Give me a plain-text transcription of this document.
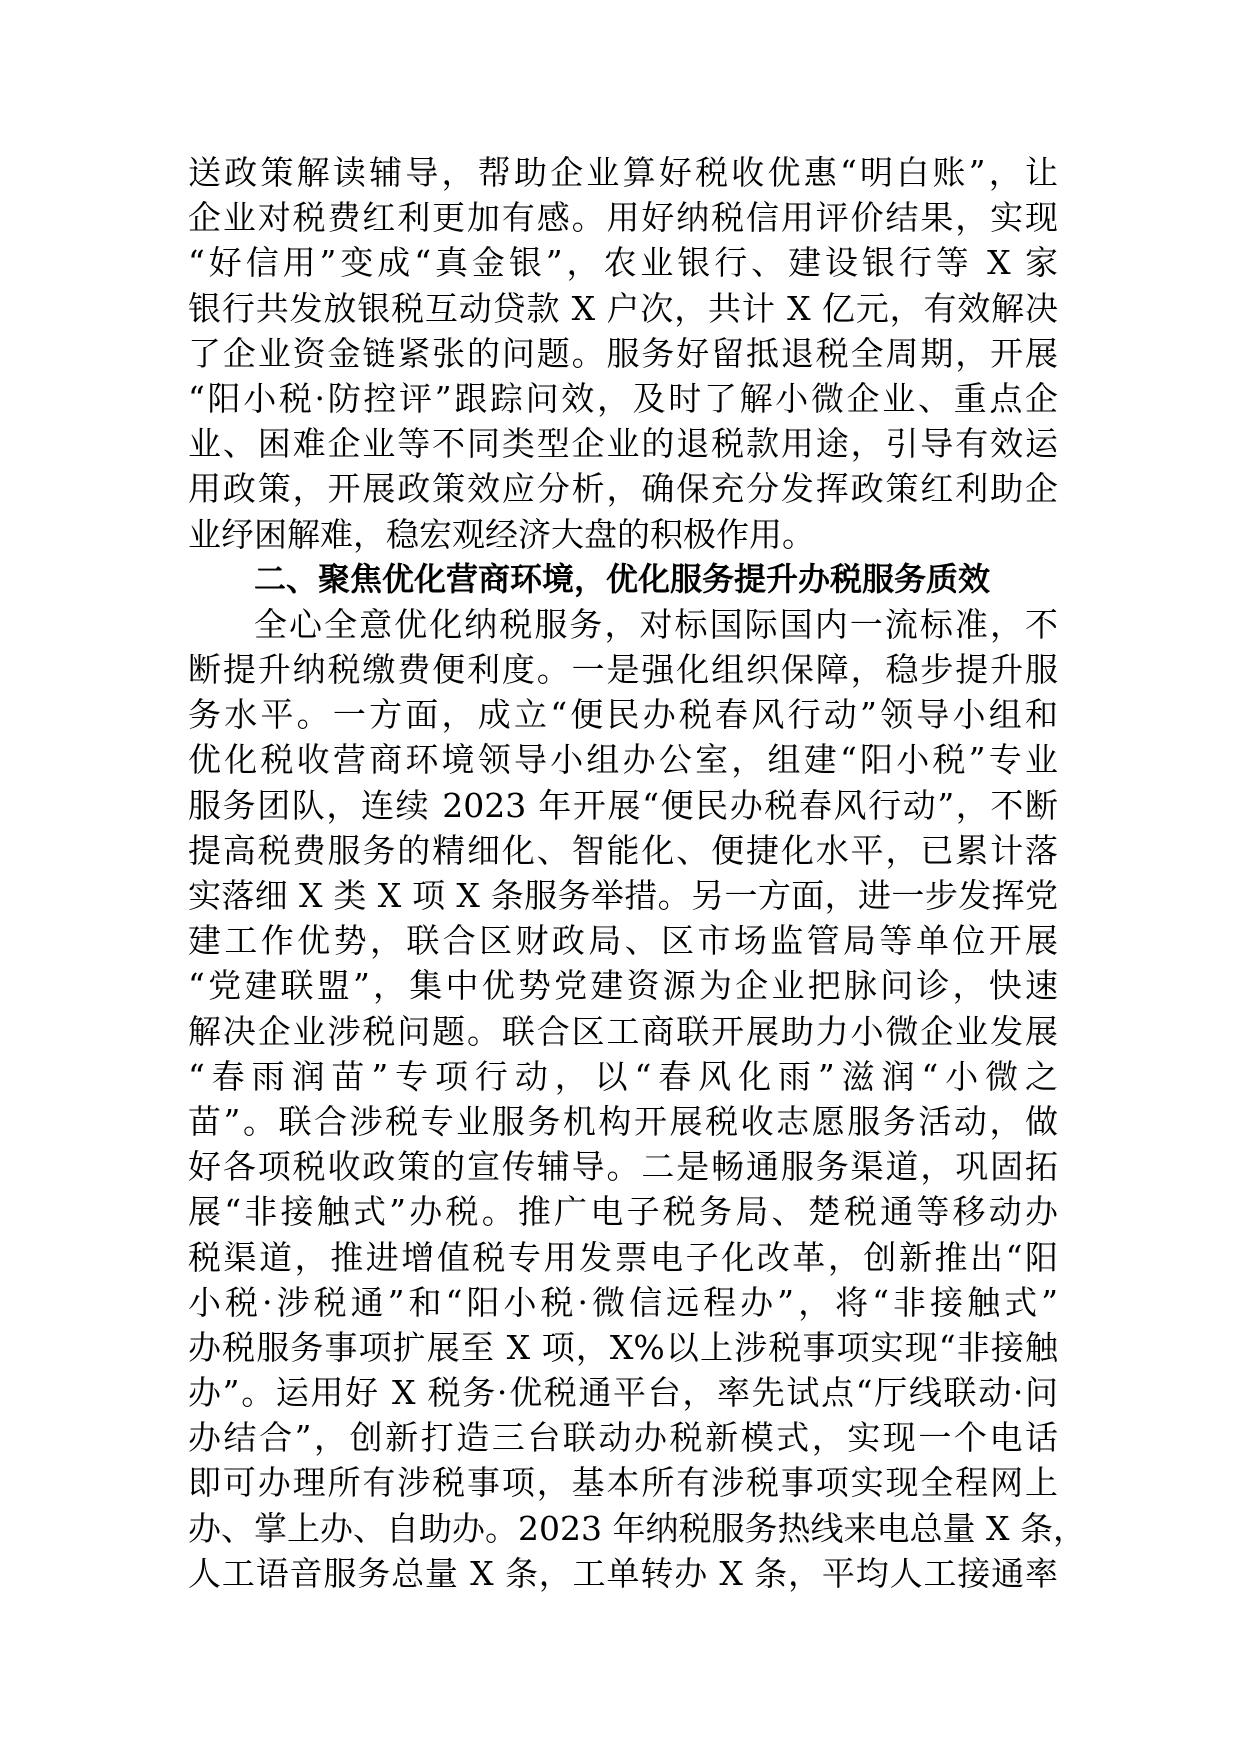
送政策解读辅导，帮助企业算好税收优惠“明白账”，让
企业对税费红利更加有感。用好纳税信用评价结果，实现
“好信用”变成“真金银”，农业银行、建设银行等 X 家
银行共发放银税互动贷款 X 户次，共计 X 亿元，有效解决
了企业资金链紧张的问题。服务好留抵退税全周期，开展
“阳小税·防控评”跟踪问效，及时了解小微企业、重点企
业、困难企业等不同类型企业的退税款用途，引导有效运
用政策，开展政策效应分析，确保充分发挥政策红利助企
业纾困解难，稳宏观经济大盘的积极作用。
二、聚焦优化营商环境，优化服务提升办税服务质效
全心全意优化纳税服务，对标国际国内一流标准，不
断提升纳税缴费便利度。一是强化组织保障，稳步提升服
务水平。一方面，成立“便民办税春风行动”领导小组和
优化税收营商环境领导小组办公室，组建“阳小税”专业
服务团队，连续 2023 年开展“便民办税春风行动”，不断
提高税费服务的精细化、智能化、便捷化水平，已累计落
实落细 X 类 X 项 X 条服务举措。另一方面，进一步发挥党
建工作优势，联合区财政局、区市场监管局等单位开展
“党建联盟”，集中优势党建资源为企业把脉问诊，快速
解决企业涉税问题。联合区工商联开展助力小微企业发展
“春雨润苗”专项行动，以“春风化雨”滋润“小微之
苗”。联合涉税专业服务机构开展税收志愿服务活动，做
好各项税收政策的宣传辅导。二是畅通服务渠道，巩固拓
展“非接触式”办税。推广电子税务局、楚税通等移动办
税渠道，推进增值税专用发票电子化改革，创新推出“阳
小税·涉税通”和“阳小税·微信远程办”，将“非接触式”
办税服务事项扩展至 X 项，X%以上涉税事项实现“非接触
办”。运用好 X 税务·优税通平台，率先试点“厅线联动·问
办结合”，创新打造三台联动办税新模式，实现一个电话
即可办理所有涉税事项，基本所有涉税事项实现全程网上
办、掌上办、自助办。2023 年纳税服务热线来电总量 X 条，
人工语音服务总量 X 条，工单转办 X 条，平均人工接通率
